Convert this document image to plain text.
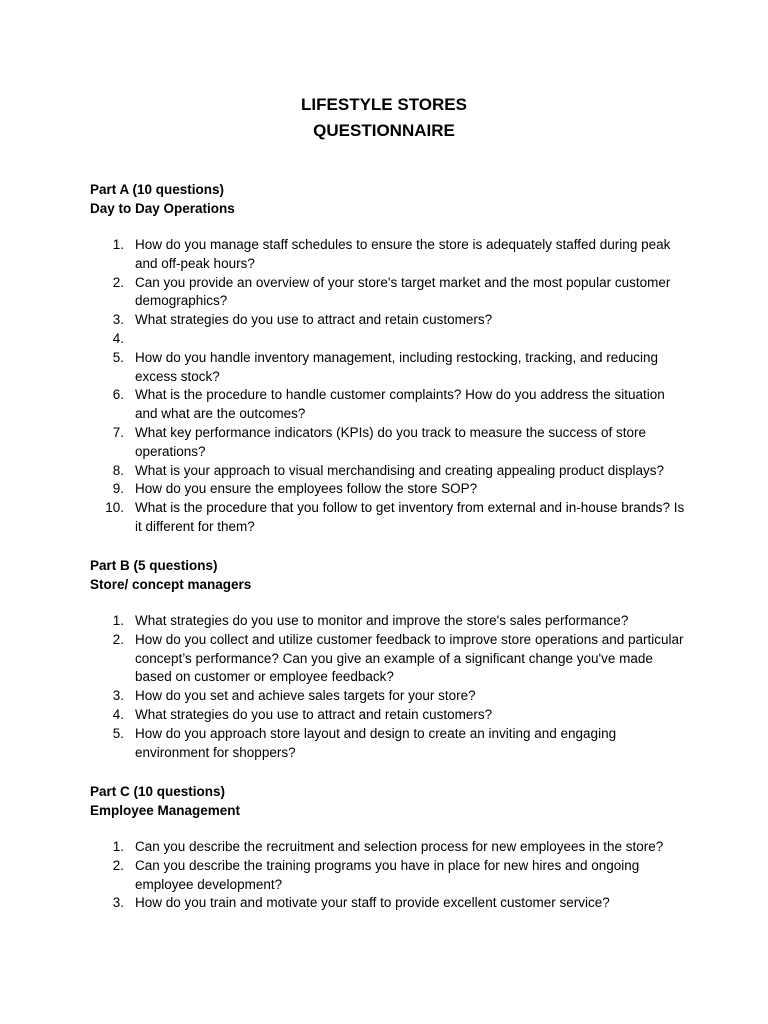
LIFESTYLE STORES
QUESTIONNAIRE
Part A (10 questions)
Day to Day Operations
1. How do you manage staff schedules to ensure the store is adequately staffed during peak and off-peak hours?
2. Can you provide an overview of your store's target market and the most popular customer demographics?
3. What strategies do you use to attract and retain customers?
4.
5. How do you handle inventory management, including restocking, tracking, and reducing excess stock?
6. What is the procedure to handle customer complaints? How do you address the situation and what are the outcomes?
7. What key performance indicators (KPIs) do you track to measure the success of store operations?
8. What is your approach to visual merchandising and creating appealing product displays?
9. How do you ensure the employees follow the store SOP?
10. What is the procedure that you follow to get inventory from external and in-house brands? Is it different for them?
Part B (5 questions)
Store/ concept managers
1. What strategies do you use to monitor and improve the store's sales performance?
2. How do you collect and utilize customer feedback to improve store operations and particular concept’s performance? Can you give an example of a significant change you've made based on customer or employee feedback?
3. How do you set and achieve sales targets for your store?
4. What strategies do you use to attract and retain customers?
5. How do you approach store layout and design to create an inviting and engaging environment for shoppers?
Part C (10 questions)
Employee Management
1. Can you describe the recruitment and selection process for new employees in the store?
2. Can you describe the training programs you have in place for new hires and ongoing employee development?
3. How do you train and motivate your staff to provide excellent customer service?
